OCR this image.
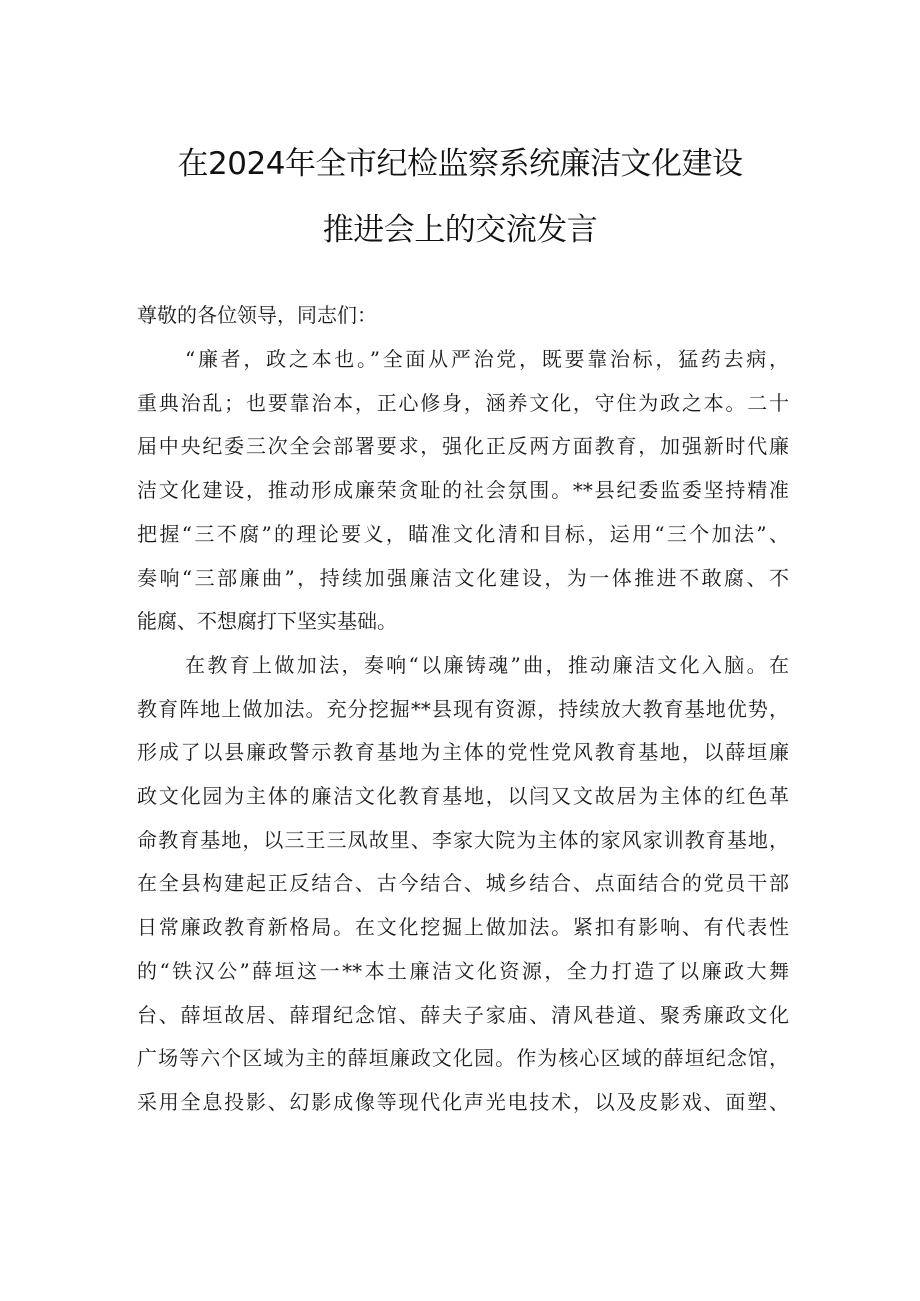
在2024年全市纪检监察系统廉洁文化建设
推进会上的交流发言
尊敬的各位领导，同志们：
“廉者，政之本也。”全面从严治党，既要靠治标，猛药去病，
重典治乱；也要靠治本，正心修身，涵养文化，守住为政之本。二十
届中央纪委三次全会部署要求，强化正反两方面教育，加强新时代廉
洁文化建设，推动形成廉荣贪耻的社会氛围。**县纪委监委坚持精准
把握“三不腐”的理论要义，瞄准文化清和目标，运用“三个加法”、
奏响“三部廉曲”，持续加强廉洁文化建设，为一体推进不敢腐、不
能腐、不想腐打下坚实基础。
在教育上做加法，奏响“以廉铸魂”曲，推动廉洁文化入脑。在
教育阵地上做加法。充分挖掘**县现有资源，持续放大教育基地优势，
形成了以县廉政警示教育基地为主体的党性党风教育基地，以薛垣廉
政文化园为主体的廉洁文化教育基地，以闫又文故居为主体的红色革
命教育基地，以三王三凤故里、李家大院为主体的家风家训教育基地，
在全县构建起正反结合、古今结合、城乡结合、点面结合的党员干部
日常廉政教育新格局。在文化挖掘上做加法。紧扣有影响、有代表性
的“铁汉公”薛垣这一**本土廉洁文化资源，全力打造了以廉政大舞
台、薛垣故居、薛瑁纪念馆、薛夫子家庙、清风巷道、聚秀廉政文化
广场等六个区域为主的薛垣廉政文化园。作为核心区域的薛垣纪念馆，
采用全息投影、幻影成像等现代化声光电技术，以及皮影戏、面塑、
